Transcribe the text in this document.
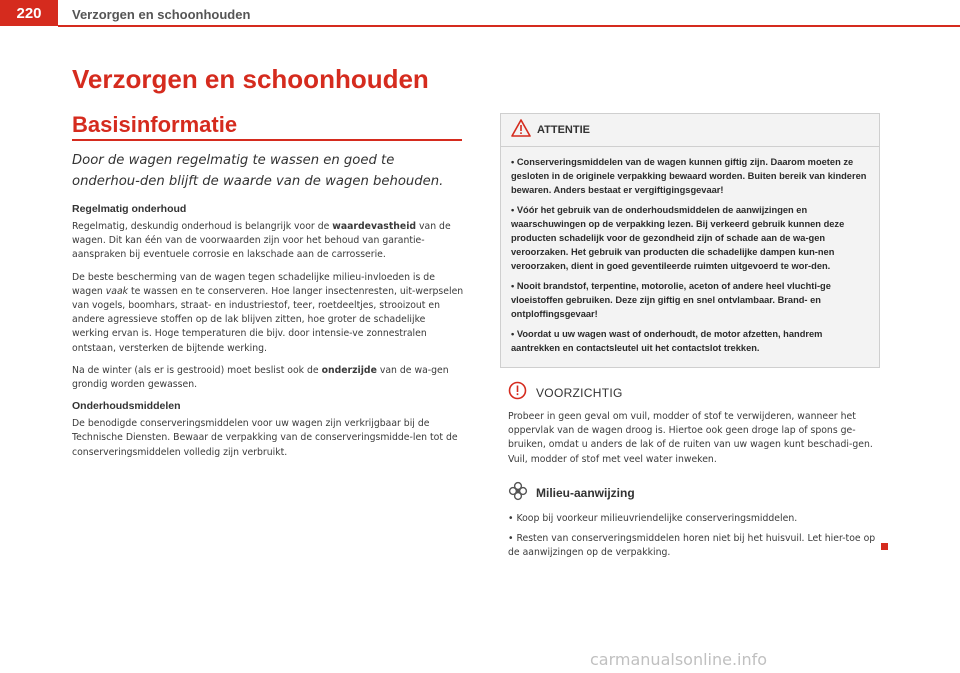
220	Verzorgen en schoonhouden
Verzorgen en schoonhouden
Basisinformatie

Door de wagen regelmatig te wassen en goed te onderhou-den blijft de waarde van de wagen behouden.

Regelmatig onderhoud

Regelmatig, deskundig onderhoud is belangrijk voor de waardevastheid van de wagen. Dit kan één van de voorwaarden zijn voor het behoud van garantie-aanspraken bij eventuele corrosie en lakschade aan de carrosserie.

De beste bescherming van de wagen tegen schadelijke milieu-invloeden is de wagen vaak te wassen en te conserveren. Hoe langer insectenresten, uit-werpselen van vogels, boomhars, straat- en industriestof, teer, roetdeeltjes, strooizout en andere agressieve stoffen op de lak blijven zitten, hoe groter de schadelijke werking ervan is. Hoge temperaturen die bijv. door intensie-ve zonnestralen ontstaan, versterken de bijtende werking.

Na de winter (als er is gestrooid) moet beslist ook de onderzijde van de wa-gen grondig worden gewassen.

Onderhoudsmiddelen

De benodigde conserveringsmiddelen voor uw wagen zijn verkrijgbaar bij de Technische Diensten. Bewaar de verpakking van de conserveringsmidde-len tot de conserveringsmiddelen volledig zijn verbruikt.

ATTENTIE

• Conserveringsmiddelen van de wagen kunnen giftig zijn. Daarom moeten ze gesloten in de originele verpakking bewaard worden. Buiten bereik van kinderen bewaren. Anders bestaat er vergiftigingsgevaar!

• Vóór het gebruik van de onderhoudsmiddelen de aanwijzingen en waarschuwingen op de verpakking lezen. Bij verkeerd gebruik kunnen deze producten schadelijk voor de gezondheid zijn of schade aan de wa-gen veroorzaken. Het gebruik van producten die schadelijke dampen kun-nen veroorzaken, dient in goed geventileerde ruimten uitgevoerd te wor-den.

• Nooit brandstof, terpentine, motorolie, aceton of andere heel vluchti-ge vloeistoffen gebruiken. Deze zijn giftig en snel ontvlambaar. Brand- en ontploffingsgevaar!

• Voordat u uw wagen wast of onderhoudt, de motor afzetten, handrem aantrekken en contactsleutel uit het contactslot trekken.

VOORZICHTIG

Probeer in geen geval om vuil, modder of stof te verwijderen, wanneer het oppervlak van de wagen droog is. Hiertoe ook geen droge lap of spons ge-bruiken, omdat u anders de lak of de ruiten van uw wagen kunt beschadi-gen. Vuil, modder of stof met veel water inweken.

Milieu-aanwijzing

• Koop bij voorkeur milieuvriendelijke conserveringsmiddelen.

• Resten van conserveringsmiddelen horen niet bij het huisvuil. Let hier-toe op de aanwijzingen op de verpakking.

carmanualsonline.info
